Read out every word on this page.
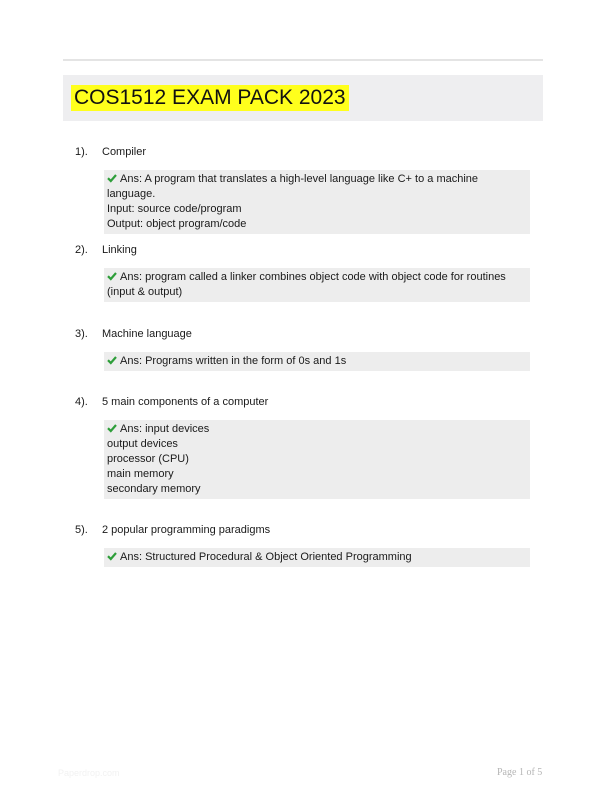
COS1512 EXAM PACK 2023
1). Compiler
Ans: A program that translates a high-level language like C+ to a machine language.
Input: source code/program
Output: object program/code
2). Linking
Ans: program called a linker combines object code with object code for routines (input & output)
3). Machine language
Ans: Programs written in the form of 0s and 1s
4). 5 main components of a computer
Ans: input devices
output devices
processor (CPU)
main memory
secondary memory
5). 2 popular programming paradigms
Ans: Structured Procedural & Object Oriented Programming
Paperdrop.com	Page 1 of 5
